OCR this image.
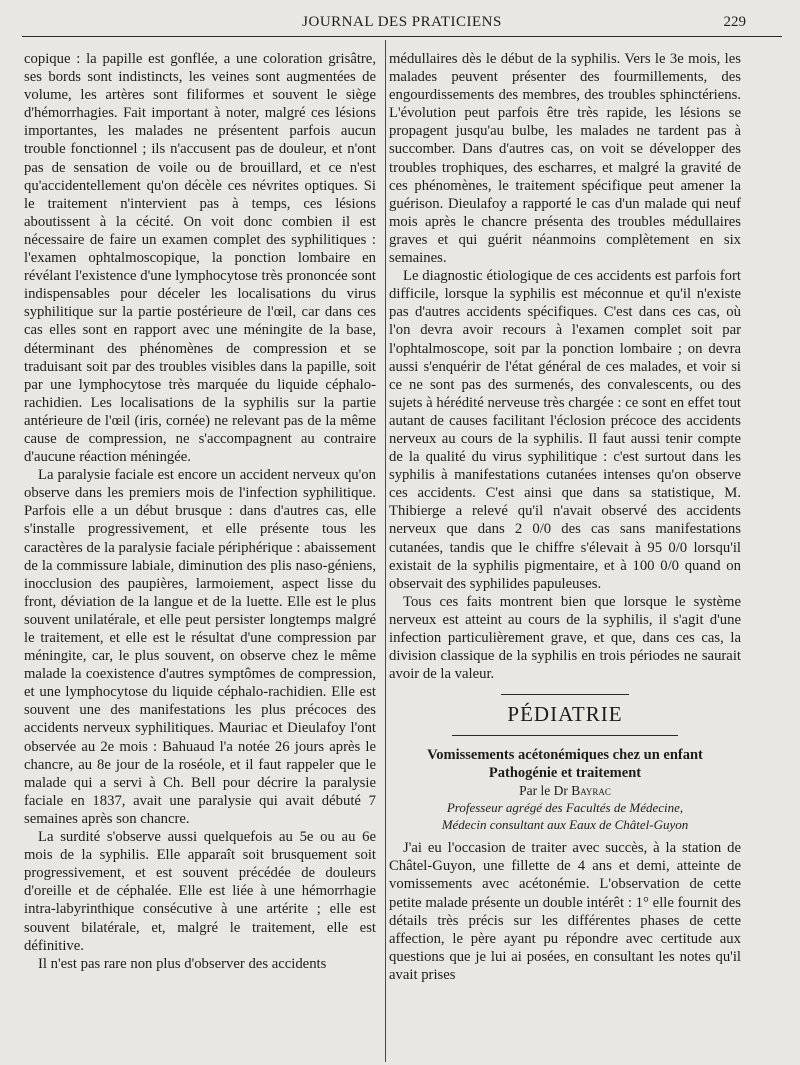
JOURNAL DES PRATICIENS	229

copique : la papille est gonflée, a une coloration grisâtre, ses bords sont indistincts, les veines sont augmentées de volume, les artères sont filiformes et souvent le siège d'hémorrhagies. Fait important à noter, malgré ces lésions importantes, les malades ne présentent parfois aucun trouble fonctionnel ; ils n'accusent pas de douleur, et n'ont pas de sensation de voile ou de brouillard, et ce n'est qu'accidentellement qu'on décèle ces névrites optiques. Si le traitement n'intervient pas à temps, ces lésions aboutissent à la cécité. On voit donc combien il est nécessaire de faire un examen complet des syphilitiques : l'examen ophtalmoscopique, la ponction lombaire en révélant l'existence d'une lymphocytose très prononcée sont indispensables pour déceler les localisations du virus syphilitique sur la partie postérieure de l'œil, car dans ces cas elles sont en rapport avec une méningite de la base, déterminant des phénomènes de compression et se traduisant soit par des troubles visibles dans la papille, soit par une lymphocytose très marquée du liquide céphalo-rachidien. Les localisations de la syphilis sur la partie antérieure de l'œil (iris, cornée) ne relevant pas de la même cause de compression, ne s'accompagnent au contraire d'aucune réaction méningée.

La paralysie faciale est encore un accident nerveux qu'on observe dans les premiers mois de l'infection syphilitique. Parfois elle a un début brusque : dans d'autres cas, elle s'installe progressivement, et elle présente tous les caractères de la paralysie faciale périphérique : abaissement de la commissure labiale, diminution des plis naso-géniens, inocclusion des paupières, larmoiement, aspect lisse du front, déviation de la langue et de la luette. Elle est le plus souvent unilatérale, et elle peut persister longtemps malgré le traitement, et elle est le résultat d'une compression par méningite, car, le plus souvent, on observe chez le même malade la coexistence d'autres symptômes de compression, et une lymphocytose du liquide céphalo-rachidien. Elle est souvent une des manifestations les plus précoces des accidents nerveux syphilitiques. Mauriac et Dieulafoy l'ont observée au 2e mois : Bahuaud l'a notée 26 jours après le chancre, au 8e jour de la roséole, et il faut rappeler que le malade qui a servi à Ch. Bell pour décrire la paralysie faciale en 1837, avait une paralysie qui avait débuté 7 semaines après son chancre.

La surdité s'observe aussi quelquefois au 5e ou au 6e mois de la syphilis. Elle apparaît soit brusquement soit progressivement, et est souvent précédée de douleurs d'oreille et de céphalée. Elle est liée à une hémorrhagie intra-labyrinthique consécutive à une artérite ; elle est souvent bilatérale, et, malgré le traitement, elle est définitive.

Il n'est pas rare non plus d'observer des accidents

médullaires dès le début de la syphilis. Vers le 3e mois, les malades peuvent présenter des fourmillements, des engourdissements des membres, des troubles sphinctériens. L'évolution peut parfois être très rapide, les lésions se propagent jusqu'au bulbe, les malades ne tardent pas à succomber. Dans d'autres cas, on voit se développer des troubles trophiques, des escharres, et malgré la gravité de ces phénomènes, le traitement spécifique peut amener la guérison. Dieulafoy a rapporté le cas d'un malade qui neuf mois après le chancre présenta des troubles médullaires graves et qui guérit néanmoins complètement en six semaines.

Le diagnostic étiologique de ces accidents est parfois fort difficile, lorsque la syphilis est méconnue et qu'il n'existe pas d'autres accidents spécifiques. C'est dans ces cas, où l'on devra avoir recours à l'examen complet soit par l'ophtalmoscope, soit par la ponction lombaire ; on devra aussi s'enquérir de l'état général de ces malades, et voir si ce ne sont pas des surmenés, des convalescents, ou des sujets à hérédité nerveuse très chargée : ce sont en effet tout autant de causes facilitant l'éclosion précoce des accidents nerveux au cours de la syphilis. Il faut aussi tenir compte de la qualité du virus syphilitique : c'est surtout dans les syphilis à manifestations cutanées intenses qu'on observe ces accidents. C'est ainsi que dans sa statistique, M. Thibierge a relevé qu'il n'avait observé des accidents nerveux que dans 2 0/0 des cas sans manifestations cutanées, tandis que le chiffre s'élevait à 95 0/0 lorsqu'il existait de la syphilis pigmentaire, et à 100 0/0 quand on observait des syphilides papuleuses.

Tous ces faits montrent bien que lorsque le système nerveux est atteint au cours de la syphilis, il s'agit d'une infection particulièrement grave, et que, dans ces cas, la division classique de la syphilis en trois périodes ne saurait avoir de la valeur.

PÉDIATRIE
Vomissements acétonémiques chez un enfant
Pathogénie et traitement
Par le Dr Bayrac
Professeur agrégé des Facultés de Médecine,
Médecin consultant aux Eaux de Châtel-Guyon

J'ai eu l'occasion de traiter avec succès, à la station de Châtel-Guyon, une fillette de 4 ans et demi, atteinte de vomissements avec acétonémie. L'observation de cette petite malade présente un double intérêt : 1° elle fournit des détails très précis sur les différentes phases de cette affection, le père ayant pu répondre avec certitude aux questions que je lui ai posées, en consultant les notes qu'il avait prises
